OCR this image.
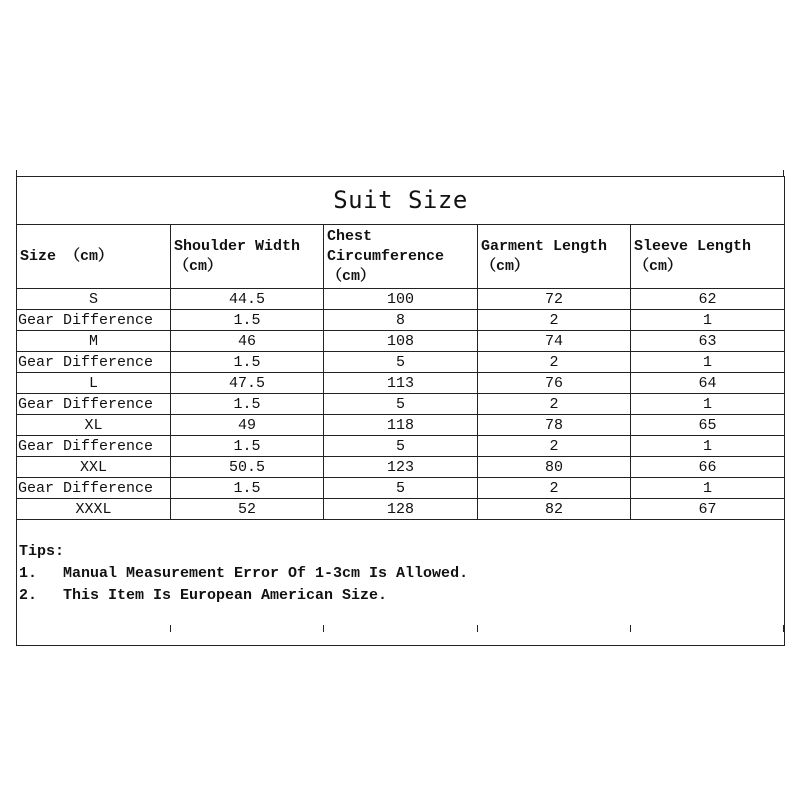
Suit Size				
Size （cm）	Shoulder Width（cm）	Chest Circumference （cm）	Garment Length（cm）	Sleeve Length （cm）
S	44.5	100	72	62
Gear Difference	1.5	8	2	1
M	46	108	74	63
Gear Difference	1.5	5	2	1
L	47.5	113	76	64
Gear Difference	1.5	5	2	1
XL	49	118	78	65
Gear Difference	1.5	5	2	1
XXL	50.5	123	80	66
Gear Difference	1.5	5	2	1
XXXL	52	128	82	67

Tips:
1. Manual Measurement Error Of 1-3cm Is Allowed.
2. This Item Is European American Size.				
